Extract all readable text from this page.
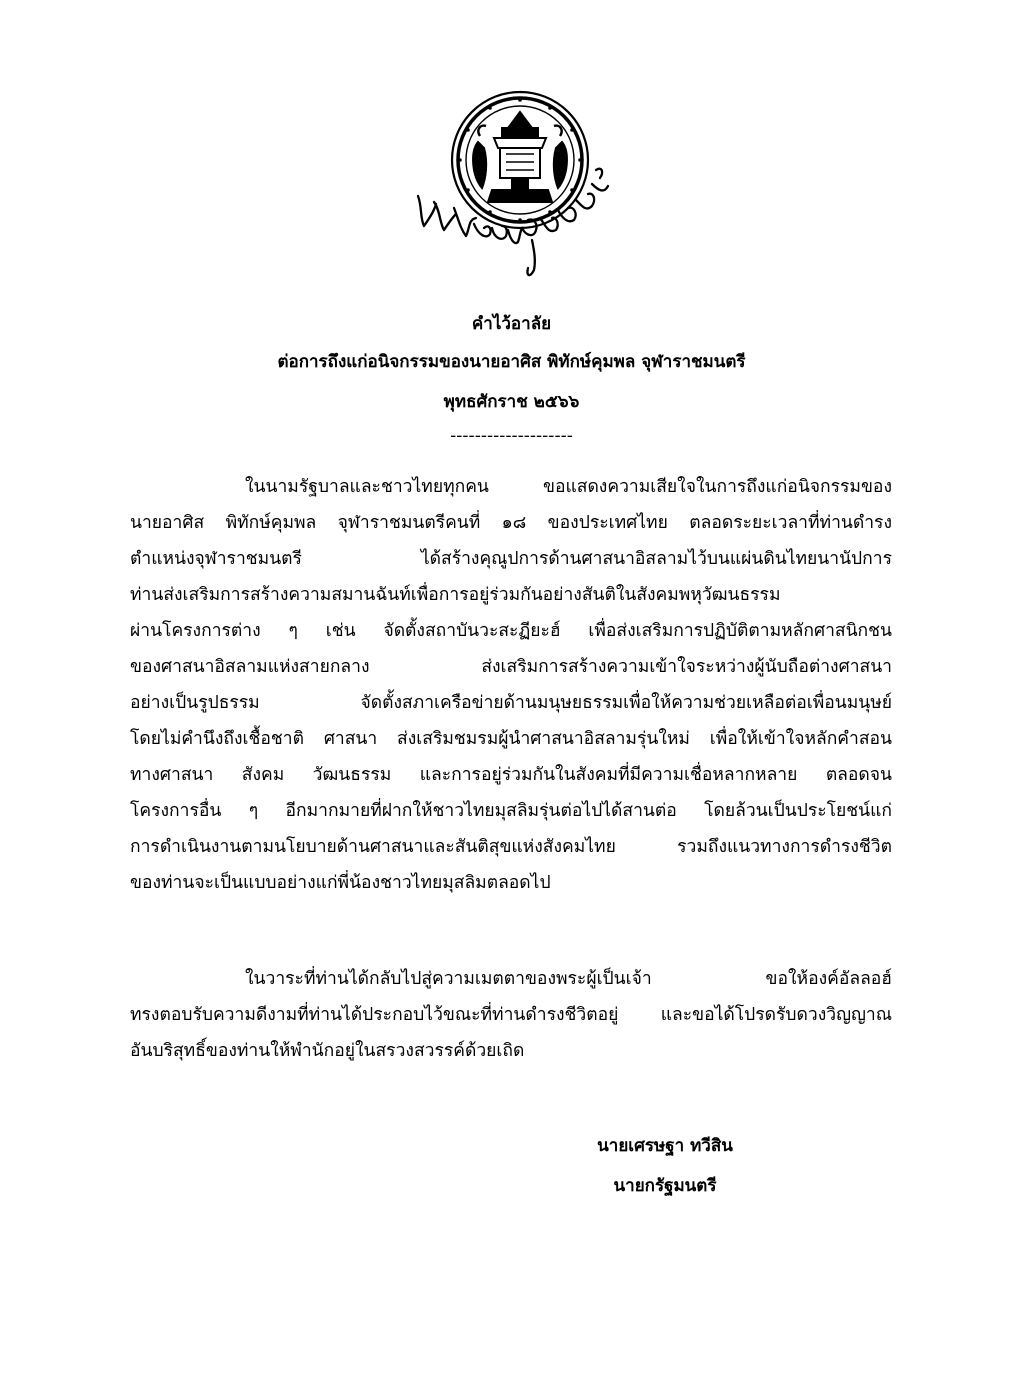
คำไว้อาลัย
ต่อการถึงแก่อนิจกรรมของนายอาศิส พิทักษ์คุมพล จุฬาราชมนตรี
พุทธศักราช ๒๕๖๖
--------------------
ในนามรัฐบาลและชาวไทยทุกคน ขอแสดงความเสียใจในการถึงแก่อนิจกรรมของ
นายอาศิส พิทักษ์คุมพล จุฬาราชมนตรีคนที่ ๑๘ ของประเทศไทย ตลอดระยะเวลาที่ท่านดำรง
ตำแหน่งจุฬาราชมนตรี ได้สร้างคุณูปการด้านศาสนาอิสลามไว้บนแผ่นดินไทยนานัปการ
ท่านส่งเสริมการสร้างความสมานฉันท์เพื่อการอยู่ร่วมกันอย่างสันติในสังคมพหุวัฒนธรรม
ผ่านโครงการต่าง ๆ เช่น จัดตั้งสถาบันวะสะฏียะฮ์ เพื่อส่งเสริมการปฏิบัติตามหลักศาสนิกชน
ของศาสนาอิสลามแห่งสายกลาง ส่งเสริมการสร้างความเข้าใจระหว่างผู้นับถือต่างศาสนา
อย่างเป็นรูปธรรม จัดตั้งสภาเครือข่ายด้านมนุษยธรรมเพื่อให้ความช่วยเหลือต่อเพื่อนมนุษย์
โดยไม่คำนึงถึงเชื้อชาติ ศาสนา ส่งเสริมชมรมผู้นำศาสนาอิสลามรุ่นใหม่ เพื่อให้เข้าใจหลักคำสอน
ทางศาสนา สังคม วัฒนธรรม และการอยู่ร่วมกันในสังคมที่มีความเชื่อหลากหลาย ตลอดจน
โครงการอื่น ๆ อีกมากมายที่ฝากให้ชาวไทยมุสลิมรุ่นต่อไปได้สานต่อ โดยล้วนเป็นประโยชน์แก่
การดำเนินงานตามนโยบายด้านศาสนาและสันติสุขแห่งสังคมไทย รวมถึงแนวทางการดำรงชีวิต
ของท่านจะเป็นแบบอย่างแก่พี่น้องชาวไทยมุสลิมตลอดไป
ในวาระที่ท่านได้กลับไปสู่ความเมตตาของพระผู้เป็นเจ้า ขอให้องค์อัลลอฮ์
ทรงตอบรับความดีงามที่ท่านได้ประกอบไว้ขณะที่ท่านดำรงชีวิตอยู่ และขอได้โปรดรับดวงวิญญาณ
อันบริสุทธิ์ของท่านให้พำนักอยู่ในสรวงสวรรค์ด้วยเถิด
นายเศรษฐา ทวีสิน
นายกรัฐมนตรี
